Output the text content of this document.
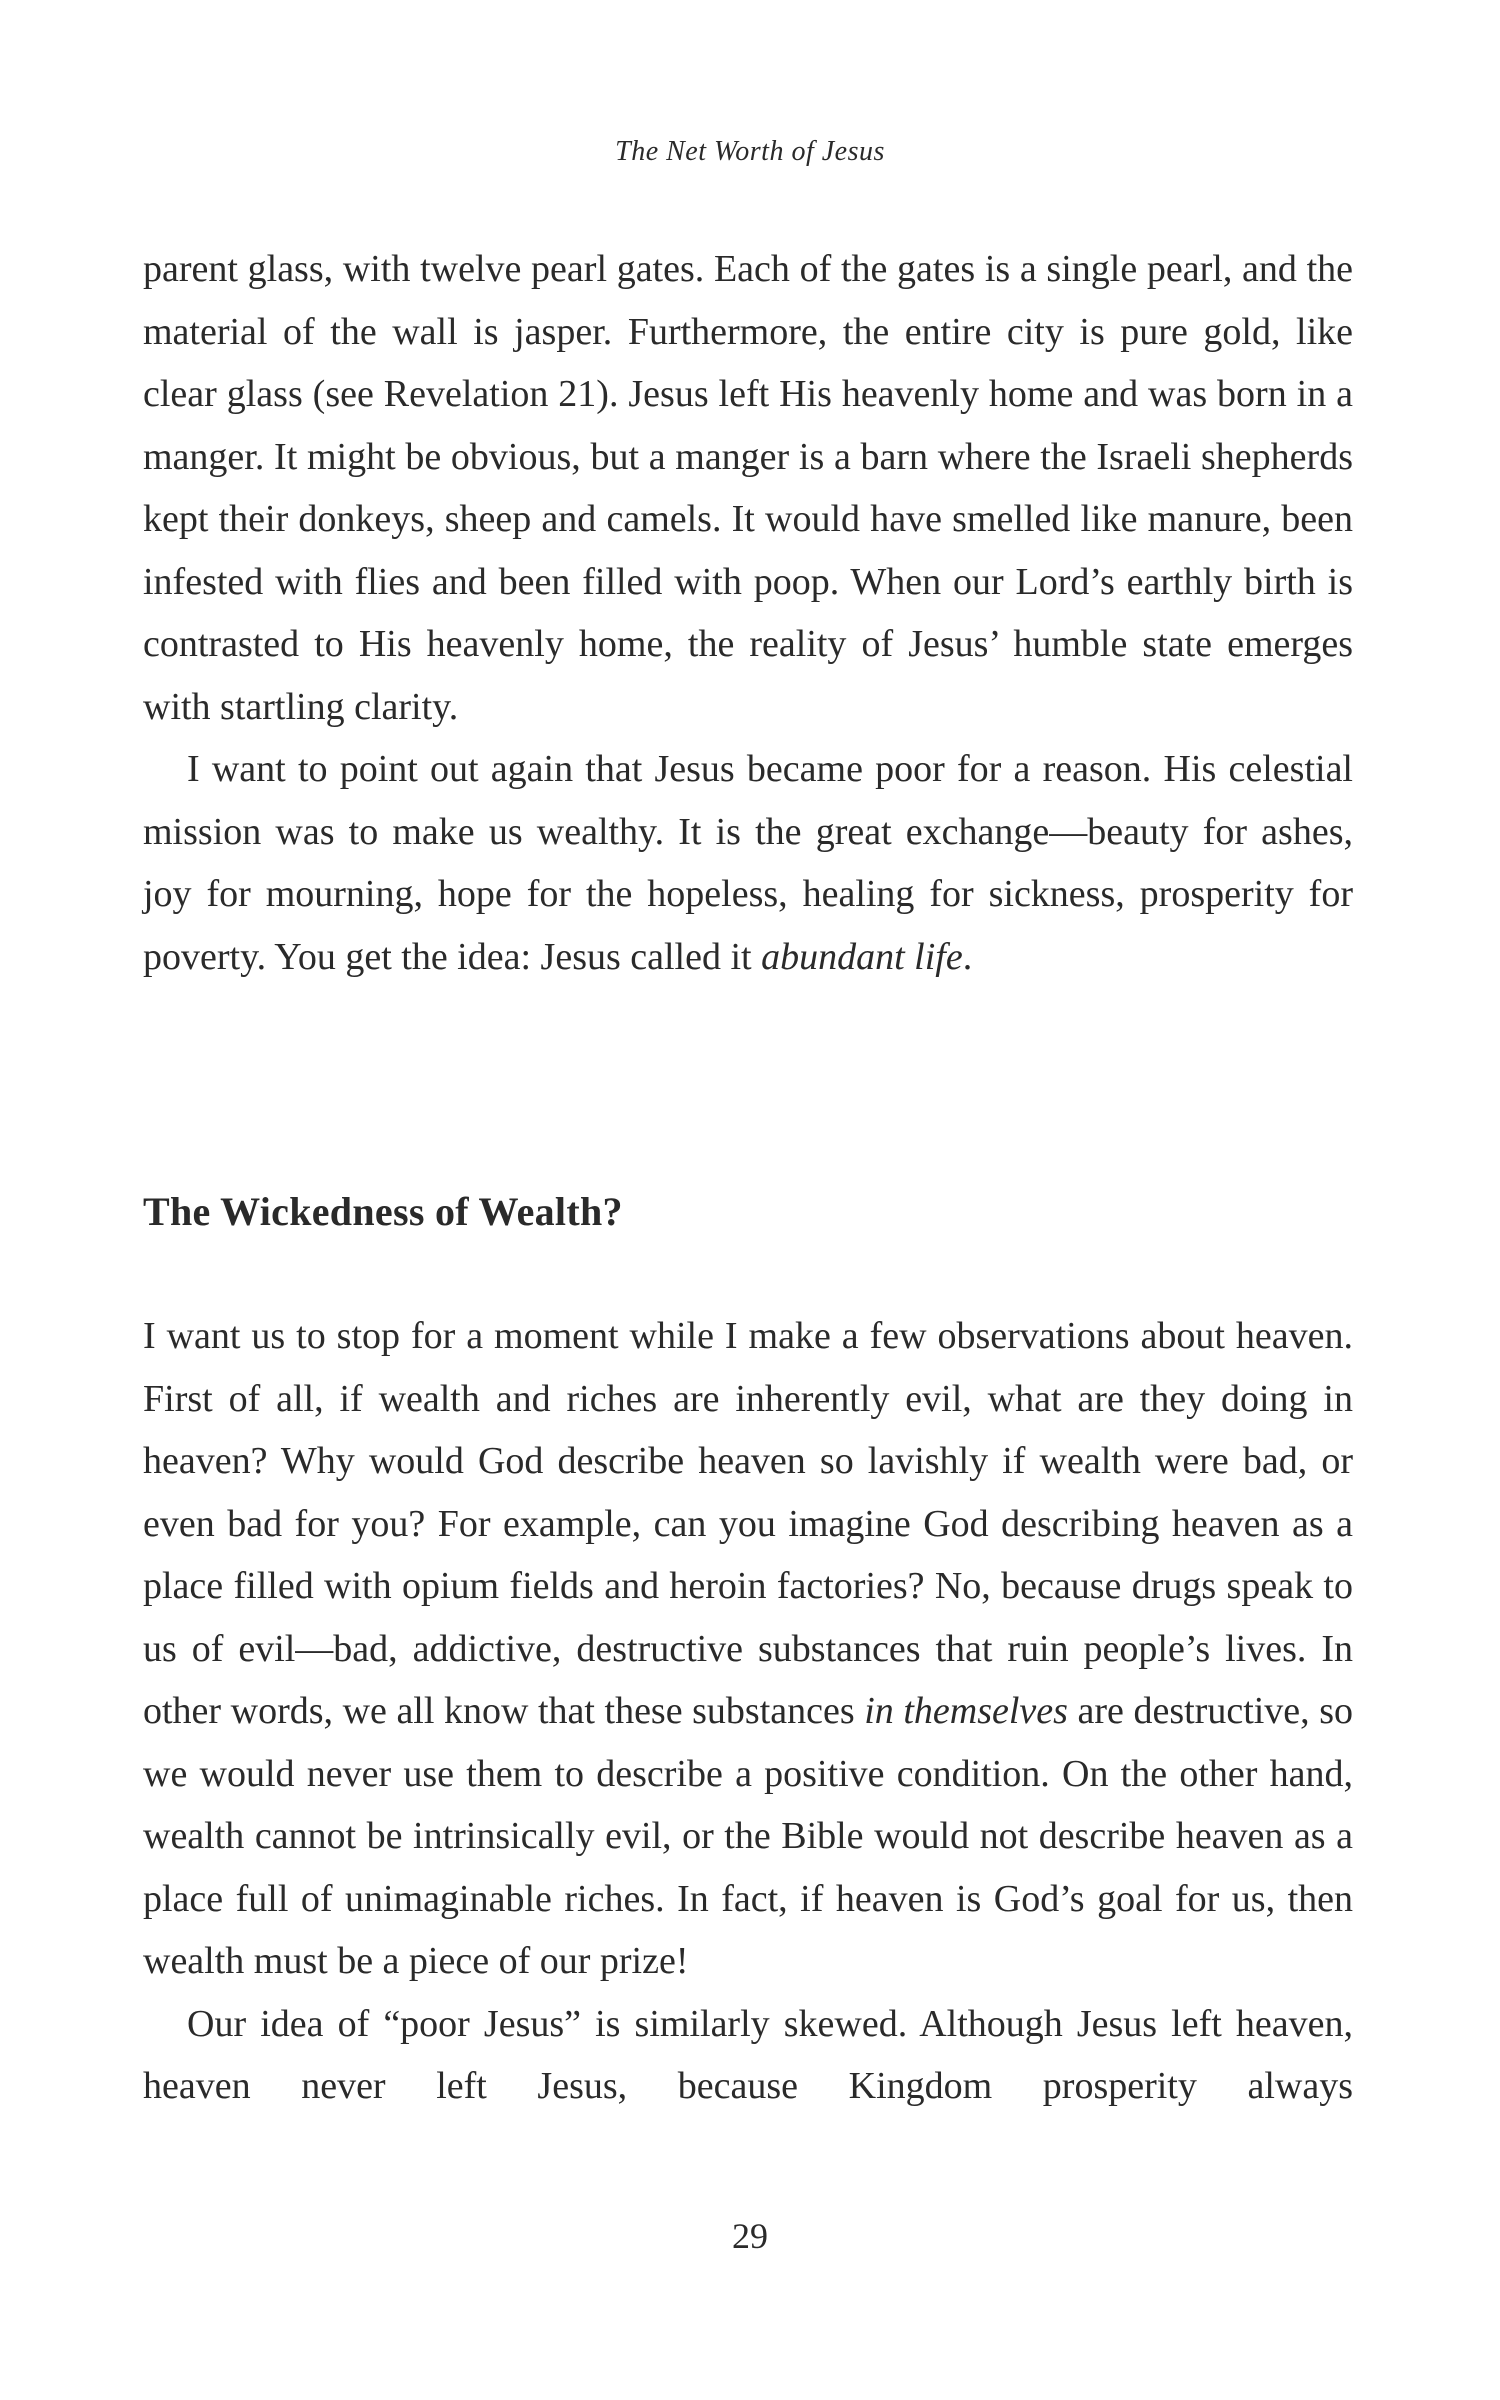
The Net Worth of Jesus

parent glass, with twelve pearl gates. Each of the gates is a single pearl, and the material of the wall is jasper. Furthermore, the entire city is pure gold, like clear glass (see Revelation 21). Jesus left His heavenly home and was born in a manger. It might be obvious, but a manger is a barn where the Israeli shepherds kept their donkeys, sheep and camels. It would have smelled like manure, been infested with flies and been filled with poop. When our Lord’s earthly birth is contrasted to His heavenly home, the reality of Jesus’ humble state emerges with startling clarity.

I want to point out again that Jesus became poor for a reason. His celestial mission was to make us wealthy. It is the great exchange—beauty for ashes, joy for mourning, hope for the hopeless, healing for sickness, prosperity for poverty. You get the idea: Jesus called it abundant life.

The Wickedness of Wealth?

I want us to stop for a moment while I make a few observations about heaven. First of all, if wealth and riches are inherently evil, what are they doing in heaven? Why would God describe heaven so lavishly if wealth were bad, or even bad for you? For example, can you imagine God describing heaven as a place filled with opium fields and heroin factories? No, because drugs speak to us of evil—bad, addictive, destructive substances that ruin people’s lives. In other words, we all know that these substances in themselves are destructive, so we would never use them to describe a positive condition. On the other hand, wealth cannot be intrinsically evil, or the Bible would not describe heaven as a place full of unimaginable riches. In fact, if heaven is God’s goal for us, then wealth must be a piece of our prize!

Our idea of “poor Jesus” is similarly skewed. Although Jesus left heaven, heaven never left Jesus, because Kingdom prosperity always

29
